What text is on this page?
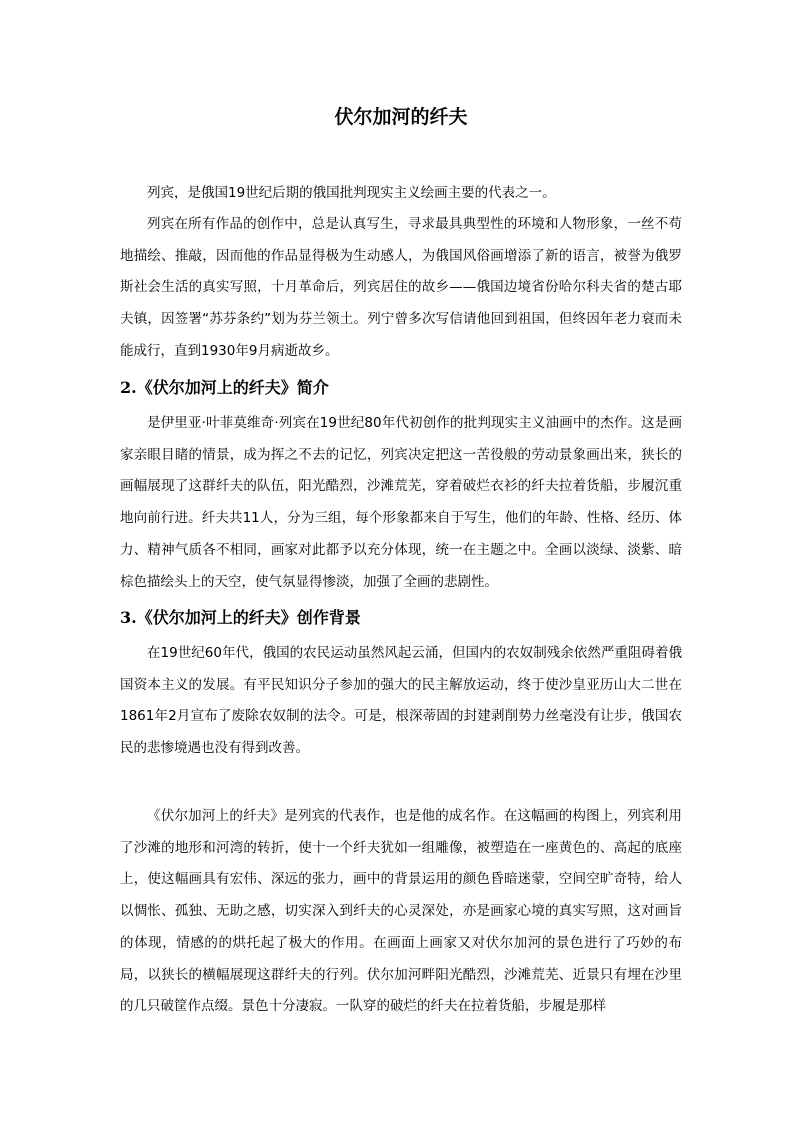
伏尔加河的纤夫

列宾，是俄国19世纪后期的俄国批判现实主义绘画主要的代表之一。

列宾在所有作品的创作中，总是认真写生，寻求最具典型性的环境和人物形象，一丝不苟地描绘、推敲，因而他的作品显得极为生动感人，为俄国风俗画增添了新的语言，被誉为俄罗斯社会生活的真实写照，十月革命后，列宾居住的故乡——俄国边境省份哈尔科夫省的楚古耶夫镇，因签署“苏芬条约”划为芬兰领土。列宁曾多次写信请他回到祖国，但终因年老力衰而未能成行，直到1930年9月病逝故乡。

2.《伏尔加河上的纤夫》简介

是伊里亚·叶菲莫维奇·列宾在19世纪80年代初创作的批判现实主义油画中的杰作。这是画家亲眼目睹的情景，成为挥之不去的记忆，列宾决定把这一苦役般的劳动景象画出来，狭长的画幅展现了这群纤夫的队伍，阳光酷烈，沙滩荒芜，穿着破烂衣衫的纤夫拉着货船，步履沉重地向前行进。纤夫共11人，分为三组，每个形象都来自于写生，他们的年龄、性格、经历、体力、精神气质各不相同，画家对此都予以充分体现，统一在主题之中。全画以淡绿、淡紫、暗棕色描绘头上的天空，使气氛显得惨淡，加强了全画的悲剧性。

3.《伏尔加河上的纤夫》创作背景

在19世纪60年代，俄国的农民运动虽然风起云涌，但国内的农奴制残余依然严重阻碍着俄国资本主义的发展。有平民知识分子参加的强大的民主解放运动，终于使沙皇亚历山大二世在1861年2月宣布了废除农奴制的法令。可是，根深蒂固的封建剥削势力丝毫没有让步，俄国农民的悲惨境遇也没有得到改善。

《伏尔加河上的纤夫》是列宾的代表作，也是他的成名作。在这幅画的构图上，列宾利用了沙滩的地形和河湾的转折，使十一个纤夫犹如一组雕像，被塑造在一座黄色的、高起的底座上，使这幅画具有宏伟、深远的张力，画中的背景运用的颜色昏暗迷蒙，空间空旷奇特，给人以惆怅、孤独、无助之感，切实深入到纤夫的心灵深处，亦是画家心境的真实写照，这对画旨的体现，情感的的烘托起了极大的作用。在画面上画家又对伏尔加河的景色进行了巧妙的布局，以狭长的横幅展现这群纤夫的行列。伏尔加河畔阳光酷烈，沙滩荒芜、近景只有埋在沙里的几只破筐作点缀。景色十分凄寂。一队穿的破烂的纤夫在拉着货船，步履是那样
